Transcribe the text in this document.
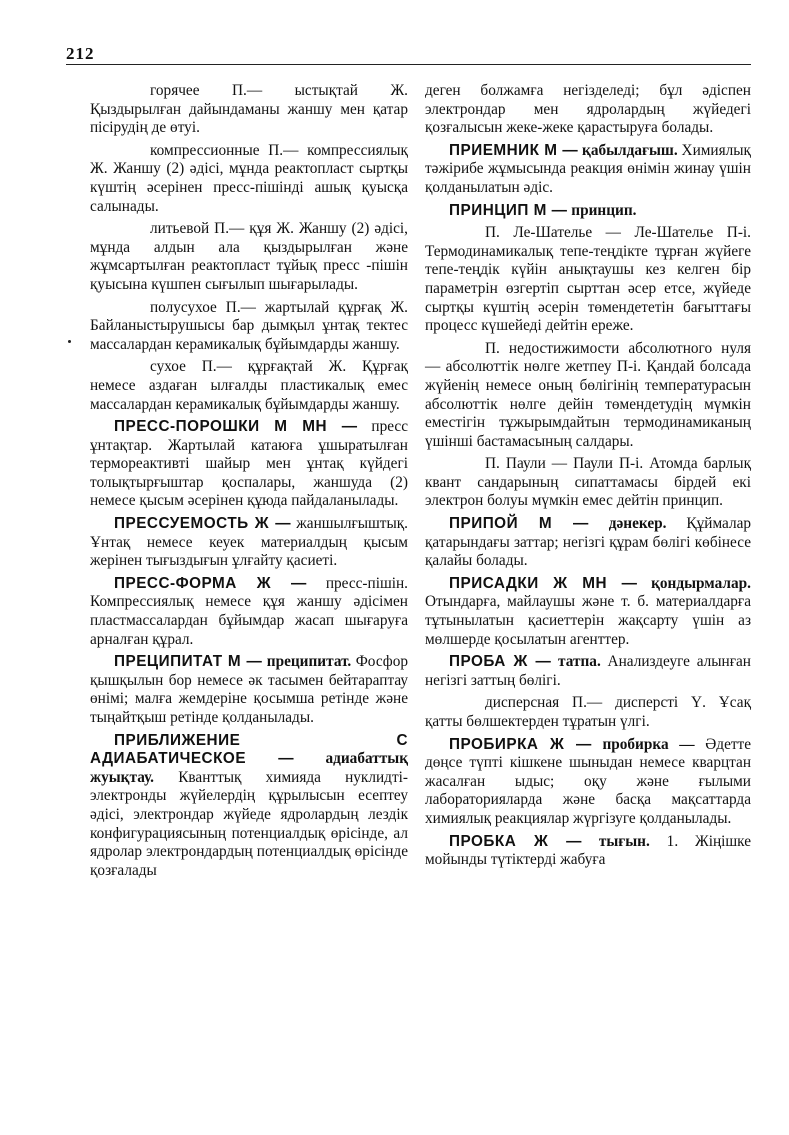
212

горячее П.— ыстықтай Ж. Қыздырылған дайындаманы жаншу мен қатар пісірудің де өтуі.

компрессионные П.— компрессиялық Ж. Жаншу (2) әдісі, мұнда реактопласт сыртқы күштің әсерінен пресс-пішінді ашық қуысқа салынады.

литьевой П.— құя Ж. Жаншу (2) әдісі, мұнда алдын ала қыздырылған және жұмсартылған реактопласт тұйық пресс -пішін қуысына күшпен сығылып шығарылады.

полусухое П.— жартылай құрғақ Ж. Байланыстырушысы бар дымқыл ұнтақ тектес массалардан керамикалық бұйымдарды жаншу.

сухое П.— құрғақтай Ж. Құрғақ немесе аздаған ылғалды пластикалық емес массалардан керамикалық бұйымдарды жаншу.

ПРЕСС-ПОРОШКИ М МН — пресс ұнтақтар. Жартылай катаюға ұшыратылған термореактивті шайыр мен ұнтақ күйдегі толықтырғыштар қоспалары, жаншуда (2) немесе қысым әсерінен құюда пайдаланылады.

ПРЕССУЕМОСТЬ Ж — жаншылғыштық. Ұнтақ немесе кеуек материалдың қысым жерінен тығыздығын ұлғайту қасиеті.

ПРЕСС-ФОРМА Ж — пресс-пішін. Компрессиялық немесе құя жаншу әдісімен пластмассалардан бұйымдар жасап шығаруға арналған құрал.

ПРЕЦИПИТАТ М — преципитат. Фосфор қышқылын бор немесе әк тасымен бейтараптау өнімі; малға жемдеріне қосымша ретінде және тыңайтқыш ретінде қолданылады.

ПРИБЛИЖЕНИЕ С АДИАБАТИЧЕСКОЕ — адиабаттық жуықтау. Кванттық химияда нуклидті-электронды жүйелердің құрылысын есептеу әдісі, электрондар жүйеде ядролардың лездік конфигурацияcының потенциалдық өрісінде, ал ядролар электрондардың потенциалдық өрісінде қозғалады

деген болжамға негізделеді; бұл әдіспен электрондар мен ядролардың жүйедегі қозғалысын жеке-жеке қарастыруға болады.

ПРИЕМНИК М — қабылдағыш. Химиялық тәжірибе жұмысында реакция өнімін жинау үшін қолданылатын әдіс.

ПРИНЦИП М — принцип.

П. Ле-Шателье — Ле-Шателье П-і. Термодинамикалық тепе-теңдікте тұрған жүйеге тепе-теңдік күйін анықтаушы кез келген бір параметрін өзгертіп сырттан әсер етсе, жүйеде сыртқы күштің әсерін төмендететін бағыттағы процесс күшейеді дейтін ереже.

П. недостижимости абсолютного нуля — абсолюттік нөлге жетпеу П-і. Қандай болсада жүйенің немесе оның бөлігінің температурасын абсолюттік нөлге дейін төмендетудің мүмкін еместігін тұжырымдайтын термодинамиканың үшінші бастамасының салдары.

П. Паули — Паули П-і. Атомда барлық квант сандарының сипаттамасы бірдей екі электрон болуы мүмкін емес дейтін принцип.

ПРИПОЙ М — дәнекер. Құймалар қатарындағы заттар; негізгі құрам бөлігі көбінесе қалайы болады.

ПРИСАДКИ Ж МН — қондырмалар. Отындарға, майлаушы және т. б. материалдарға тұтынылатын қасиеттерін жақсарту үшін аз мөлшерде қосылатын агенттер.

ПРОБА Ж — татпа. Анализдеуге алынған негізгі заттың бөлігі.

дисперсная П.— дисперсті Ү. Ұсақ қатты бөлшектерден тұратын үлгі.

ПРОБИРКА Ж — пробирка — Әдетте дөңсе түпті кішкене шыныдан немесе кварцтан жасалған ыдыс; оқу және ғылыми лабораторияларда және басқа мақсаттарда химиялық реакциялар жүргізуге қолданылады.

ПРОБКА Ж — тығын. 1. Жіңішке мойынды түтіктерді жабуға
